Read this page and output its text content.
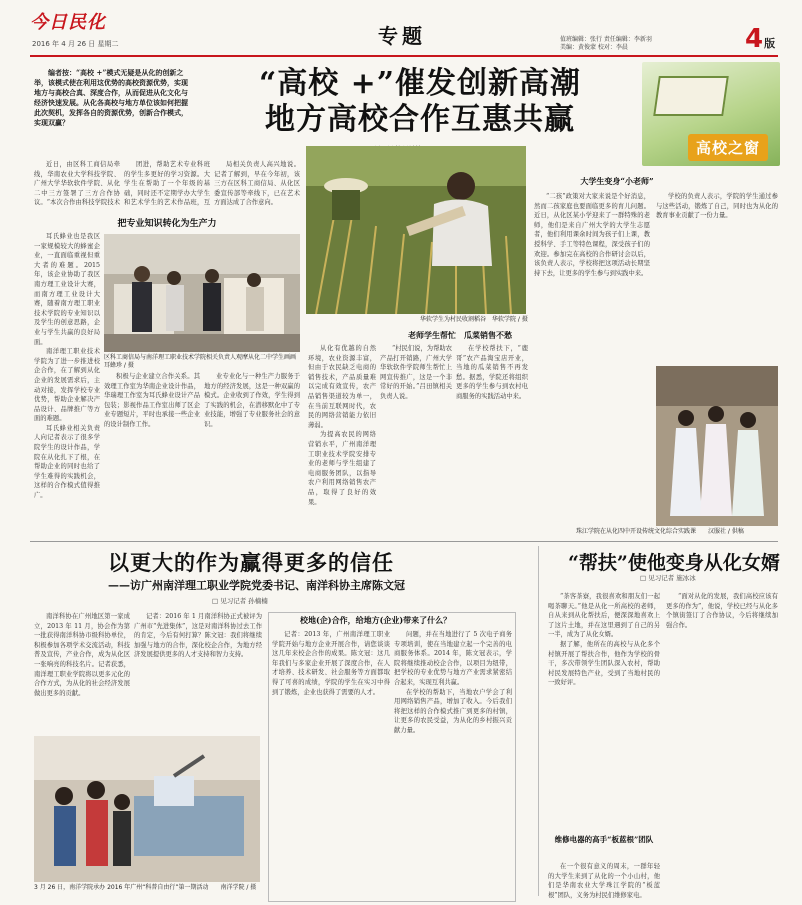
今日民化
2016 年 4 月 26 日 星期二	专题	值班编辑：张行 责任编辑：李新羽
美编：黄俊蒙 校对：李晨	4版
编者按：“高校 +”模式无疑是从化的创新之举，该模式使在利用这优势的高校资源优势，实现地方与高校合真、深度合作，从而促进从化文化与经济快速发展。从化各高校与地方单位该如何把握此次契机，发挥各自的资源优势，创新合作模式，实现双赢？
“高校 +”催发创新高潮
地方高校合作互惠共赢
高校之窗

近日，由区科工商信局牵线，华南农业大学科技学院、广州大学华软软件学院、从化二中三方签署了三方合作协议。“本次合作由科技学院技术

团进，帮助艺术专业科班的学生多更好的学习资源。大学生在帮助了一个年级的基础，同时还不定期学办大学生和艺术学生的艺术作品班，互

局相关负责人高兴地说。记者了解到，早在今年初，该三方在区科工商信局、从化区委宣传部等牵线下，已在艺术方面达成了合作意向。

把专业知识转化为生产力

耳氏蜂业也是我区一家规模较大的蜂蜜企业，一直面临重视但重大者的难题。2015年，该企业协助了我区南方理工业设计大赛，而南方理工业设计大赛，随着南方理工职业技术学院的专业知识以及学生的创意思路，企业与学生共赢的良好局面。

南洋理工职业技术学院为了进一步推进校企合作，在了解到从化企业的发展需求后，主动对接，发挥学校专业优势，帮助企业解决产品设计、品牌推广等方面的难题。

耳氏蜂业相关负责人向记者表示了很多学院学生的设计作品，学院在从化扎下了根，在帮助企业的同时也给了学生难得的实践机会，这样的合作模式值得推广。

区科工商信局与南洋理工职业技术学院相关负责人观摩从化二中学生画画　耳蜂珍 / 摄

积极与企业建立合作关系。其效理工作室为华南企业设计作品，华瑞理工作室为耳氏蜂业设计产品包装；影视作品工作室出师了区企业专题短片，平时也承接一些企业的设计制作工作。

业专业化与一种生产力服务于地方的经济发展，这是一种双赢的模式。企业收到了作效，学生得到了实践的机会，在潜移默化中了专业技能，增强了专业服务社会的意识。

华软学生为村民收割稻谷　华软学院 / 摄
老师学生帮忙　瓜菜销售不愁

从化有优越的自然环境，农业资源丰富，但由于农民缺乏电商的销售技术，产品质量难以完成有效宣传，农产品销售渠道较为单一，在当前互联网时代，农民的网络营销能力依旧薄弱。

为提高农民的网络营销水平，广州南洋理工职业技术学院安排专业的老师与学生组建了电商服务团队，以指导农户利用网络销售农产品，取得了良好的效果。

“村民们说，为帮助农产品打开销路，广州大学华软软件学院师生帮忙上网宣传推广，这是一个非常好的开始。”吕田镇相关负责人说。

在学校帮扶下，“鹿哥”农产品淘宝店开业，当地的瓜菜销售不再发愁。据悉，学院还将组织更多的学生参与到农村电商服务的实践活动中来。

大学生变身“小老师”

“二孩”政策对大家来说是个好消息，然而二孩家庭也要面临更多的育儿问题。近日，从化区某小学迎来了一群特殊的老师，他们是来自广州大学的大学生志愿者，他们利用课余时间为孩子们上课，教授科学、手工等特色课程，深受孩子们的欢迎。参加完在高校的合作研讨会以后，该负责人表示，学校将把这项活动长期坚持下去，让更多的学生参与到实践中来。

学校的负责人表示，学院的学生通过参与这些活动，锻炼了自己，同时也为从化的教育事业贡献了一份力量。

珠江学院在从化四中开设传统文化综合实践课　　汉服社 / 供稿
以更大的作为赢得更多的信任
——访广州南洋理工职业学院党委书记、南洋科协主席陈文冠
□ 见习记者 孙楠楠

南洋科协在广州地区第一家成立，2013 年 11 月，协会作为第一批获得南洋科协市级科协单位，积极参加各项学术交流活动，科技普及宣传，产业合作，成为从化区一张响亮的科技名片。记者获悉，南洋理工职业学院将以更多元化的合作方式，为从化的社会经济发展做出更多的贡献。

记者：2016 年 1 月南洋科协正式被评为广州市“先进集体”，这是对南洋科协过去工作的肯定，今后有何打算？陈文冠：我们将继续加强与地方的合作，深化校企合作，为地方经济发展提供更多的人才支持和智力支持。

3 月 26 日，南洋学院承办 2016 年广州“科普自由行”第一期活动　　南洋学院 / 摄
校地(企)合作，给地方(企业)带来了什么？

记者：2013 年，广州南洋理工职业学院开始与地方企业开展合作，请您谈谈这几年来校企合作的成果。陈文冠：这几年我们与多家企业开展了深度合作，在人才培养、技术研发、社会服务等方面都取得了可喜的成绩，学院的学生在实习中得到了锻炼，企业也获得了需要的人才。

问题，并在当地进行了 5 次电子商务专项培训，使在当地建立起一个完善的电商服务体系。2014 年，陈文冠表示，学院将继续推动校企合作，以项目为纽带，把学校的专业优势与地方产业需求紧密结合起来，实现互利共赢。

在学校的帮助下，当地农户学会了利用网络销售产品，增加了收入。今后我们将把这样的合作模式推广到更多的村镇，让更多的农民受益，为从化的乡村振兴贡献力量。

“帮扶”使他变身从化女婿
□ 见习记者 施冰冰

“茶客茶寮，我很喜欢和朋友们一起喝茶聊天。”他是从化一所高校的老师，自从来到从化帮扶后，便深深地喜欢上了这片土地，并在这里遇到了自己的另一半，成为了从化女婿。

据了解，他所在的高校与从化多个村镇开展了帮扶合作，他作为学校的骨干，多次带领学生团队深入农村，帮助村民发展特色产业，受到了当地村民的一致好评。

维修电器的高手“板蓝根”团队

在一个很有意义的周末，一群年轻的大学生来到了从化的一个小山村，他们是华南农业大学珠江学院的“板蓝根”团队，义务为村民们维修家电。

“面对从化的发展，我们高校应该有更多的作为”，他说，学校已经与从化多个镇街签订了合作协议，今后将继续加强合作。
